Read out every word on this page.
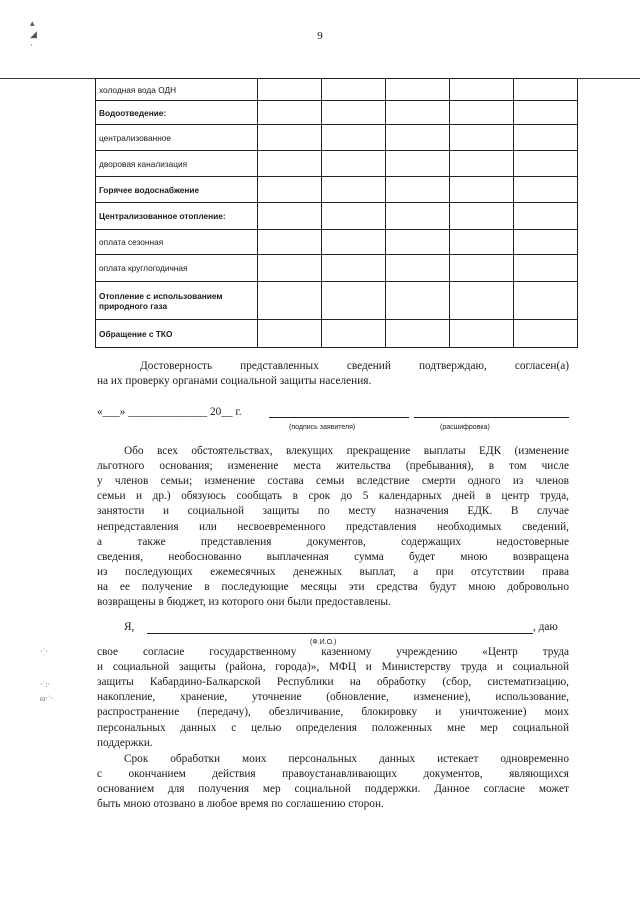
9
▴
◢
·
холодная вода ОДН					
Водоотведение:					
централизованное					
дворовая канализация					
Горячее водоснабжение					
Централизованное отопление:					
оплата сезонная					
оплата круглогодичная					
Отопление с использованием природного газа					
Обращение с ТКО					
Достоверность представленных сведений подтверждаю, согласен(а)
на их проверку органами социальной защиты населения.
«___» ______________ 20__ г.
(подпись заявителя)	(расшифровка)
Обо всех обстоятельствах, влекущих прекращение выплаты ЕДК (изменение
льготного основания; изменение места жительства (пребывания), в том числе
у членов семьи; изменение состава семьи вследствие смерти одного из членов
семьи и др.) обязуюсь сообщать в срок до 5 календарных дней в центр труда,
занятости и социальной защиты по месту назначения ЕДК. В случае
непредставления или несвоевременного представления необходимых сведений,
а также представления документов, содержащих недостоверные
сведения, необоснованно выплаченная сумма будет мною возвращена
из последующих ежемесячных денежных выплат, а при отсутствии права
на ее получение в последующие месяцы эти средства будут мною добровольно
возвращены в бюджет, из которого они были предоставлены.
Я,	, даю
(Ф.И.О.)
свое согласие государственному казенному учреждению «Центр труда
и социальной защиты (района, города)», МФЦ и Министерству труда и социальной
защиты Кабардино-Балкарской Республики на обработку (сбор, систематизацию,
накопление, хранение, уточнение (обновление, изменение), использование,
распространение (передачу), обезличивание, блокировку и уничтожение) моих
персональных данных с целью определения положенных мне мер социальной
поддержки.
Срок обработки моих персональных данных истекает одновременно
с окончанием действия правоустанавливающих документов, являющихся
основанием для получения мер социальной поддержки. Данное согласие может
быть мною отозвано в любое время по соглашению сторон.
·˙·
·˙:·
ω·˙·
